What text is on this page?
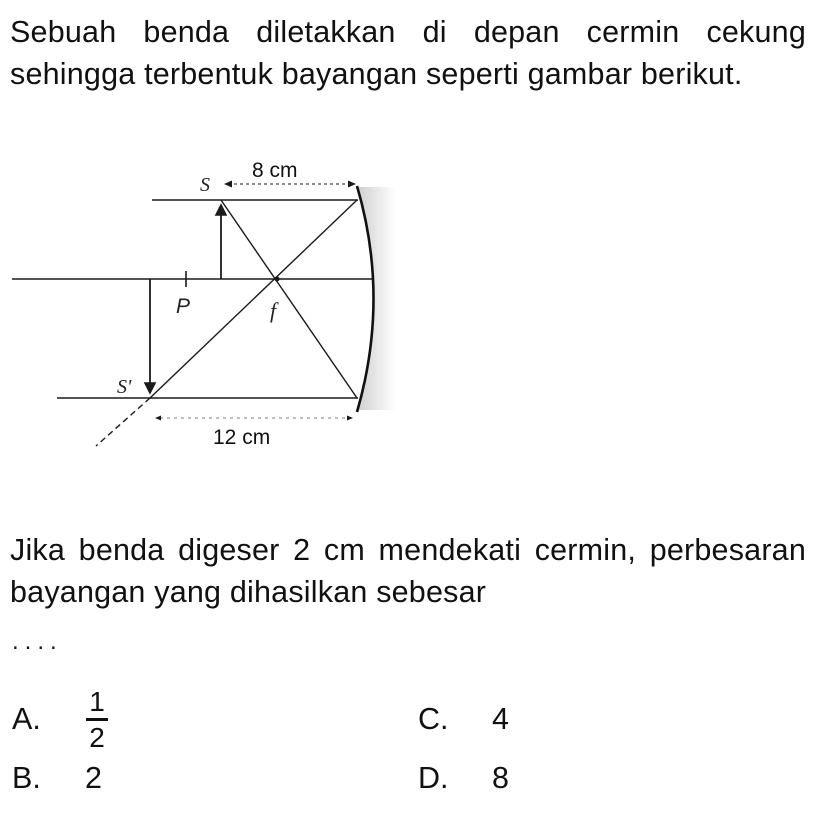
Sebuah benda diletakkan di depan cermin cekung sehingga terbentuk bayangan seperti gambar berikut.
S
S'
P	f
8 cm
12 cm
Jika benda digeser 2 cm mendekati cermin, perbesaran bayangan yang dihasilkan sebesar
....
A.
1
2
B. 2
C. 4
D. 8
